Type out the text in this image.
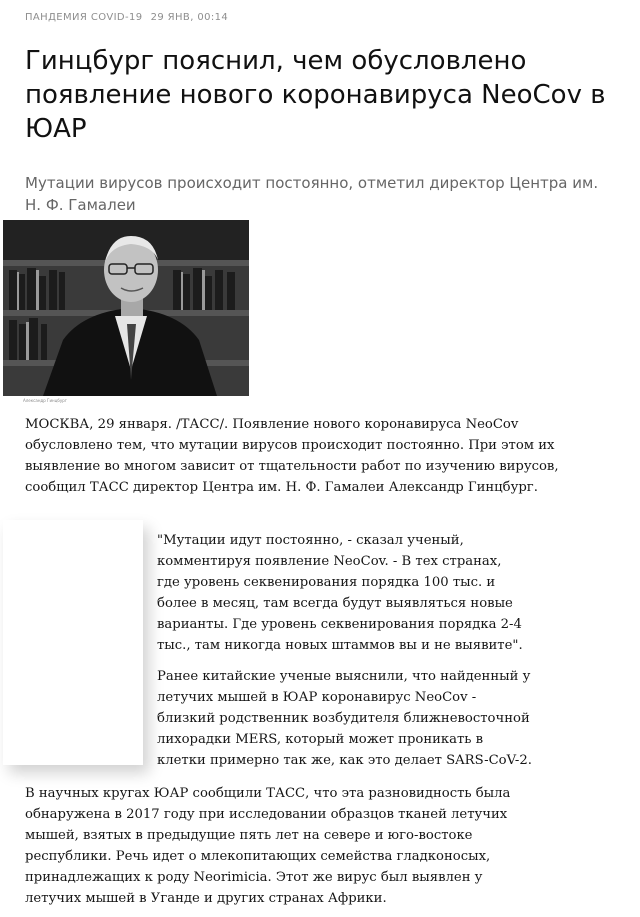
ПАНДЕМИЯ COVID-19 29 ЯНВ, 00:14
Гинцбург пояснил, чем обусловлено появление нового коронавируса NeoCov в ЮАР

Мутации вирусов происходит постоянно, отметил директор Центра им. Н. Ф. Гамалеи

Александр Гинцбург

МОСКВА, 29 января. /ТАСС/. Появление нового коронавируса NeoCov обусловлено тем, что мутации вирусов происходит постоянно. При этом их выявление во многом зависит от тщательности работ по изучению вирусов, сообщил ТАСС директор Центра им. Н. Ф. Гамалеи Александр Гинцбург.

"Мутации идут постоянно, - сказал ученый, комментируя появление NeoCov. - В тех странах, где уровень секвенирования порядка 100 тыс. и более в месяц, там всегда будут выявляться новые варианты. Где уровень секвенирования порядка 2-4 тыс., там никогда новых штаммов вы и не выявите".

Ранее китайские ученые выяснили, что найденный у летучих мышей в ЮАР коронавирус NeoCov - близкий родственник возбудителя ближневосточной лихорадки MERS, который может проникать в клетки примерно так же, как это делает SARS-CoV-2.

В научных кругах ЮАР сообщили ТАСС, что эта разновидность была обнаружена в 2017 году при исследовании образцов тканей летучих мышей, взятых в предыдущие пять лет на севере и юго-востоке республики. Речь идет о млекопитающих семейства гладконосых, принадлежащих к роду Neorimicia. Этот же вирус был выявлен у летучих мышей в Уганде и других странах Африки.
